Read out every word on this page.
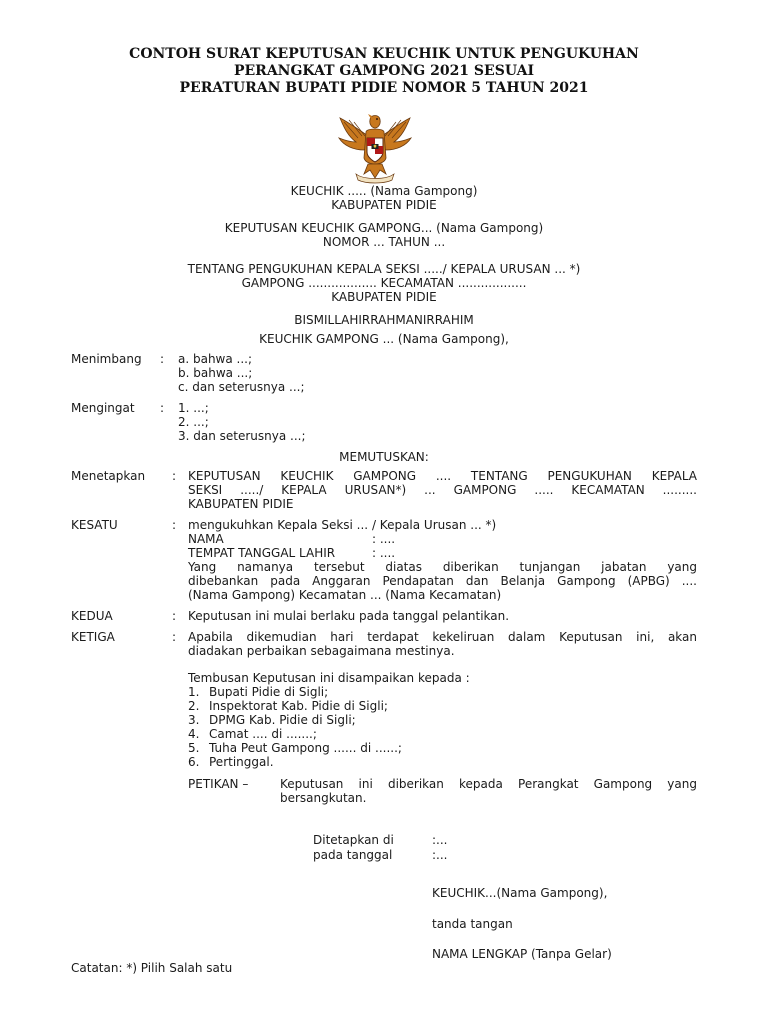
CONTOH SURAT KEPUTUSAN KEUCHIK UNTUK PENGUKUHAN
PERANGKAT GAMPONG 2021 SESUAI
PERATURAN BUPATI PIDIE NOMOR 5 TAHUN 2021
KEUCHIK ..... (Nama Gampong)
KABUPATEN PIDIE
KEPUTUSAN KEUCHIK GAMPONG... (Nama Gampong)
NOMOR ... TAHUN ...
TENTANG PENGUKUHAN KEPALA SEKSI ...../ KEPALA URUSAN ... *)
GAMPONG .................. KECAMATAN ..................
KABUPATEN PIDIE
BISMILLAHIRRAHMANIRRAHIM
KEUCHIK GAMPONG ... (Nama Gampong),
Menimbang : a. bahwa ...;
b. bahwa ...;
c. dan seterusnya ...;
Mengingat : 1. ...;
2. ...;
3. dan seterusnya ...;
MEMUTUSKAN:
Menetapkan : KEPUTUSAN KEUCHIK GAMPONG .... TENTANG PENGUKUHAN KEPALA
SEKSI ...../ KEPALA URUSAN*) ... GAMPONG ..... KECAMATAN .........
KABUPATEN PIDIE
KESATU	: mengukuhkan Kepala Seksi ... / Kepala Urusan ... *)
NAMA	: ....
TEMPAT TANGGAL LAHIR	: ....
Yang namanya tersebut diatas diberikan tunjangan jabatan yang
dibebankan pada Anggaran Pendapatan dan Belanja Gampong (APBG) ....
(Nama Gampong) Kecamatan ... (Nama Kecamatan)
KEDUA	: Keputusan ini mulai berlaku pada tanggal pelantikan.
KETIGA	: Apabila dikemudian hari terdapat kekeliruan dalam Keputusan ini, akan
diadakan perbaikan sebagaimana mestinya.
Tembusan Keputusan ini disampaikan kepada :
1. Bupati Pidie di Sigli;
2. Inspektorat Kab. Pidie di Sigli;
3. DPMG Kab. Pidie di Sigli;
4. Camat .... di .......;
5. Tuha Peut Gampong ...... di ......;
6. Pertinggal.
PETIKAN –	Keputusan ini diberikan kepada Perangkat Gampong yang
bersangkutan.
Ditetapkan di	:...
pada tanggal	:...
KEUCHIK...(Nama Gampong),
tanda tangan
NAMA LENGKAP (Tanpa Gelar)
Catatan: *) Pilih Salah satu
